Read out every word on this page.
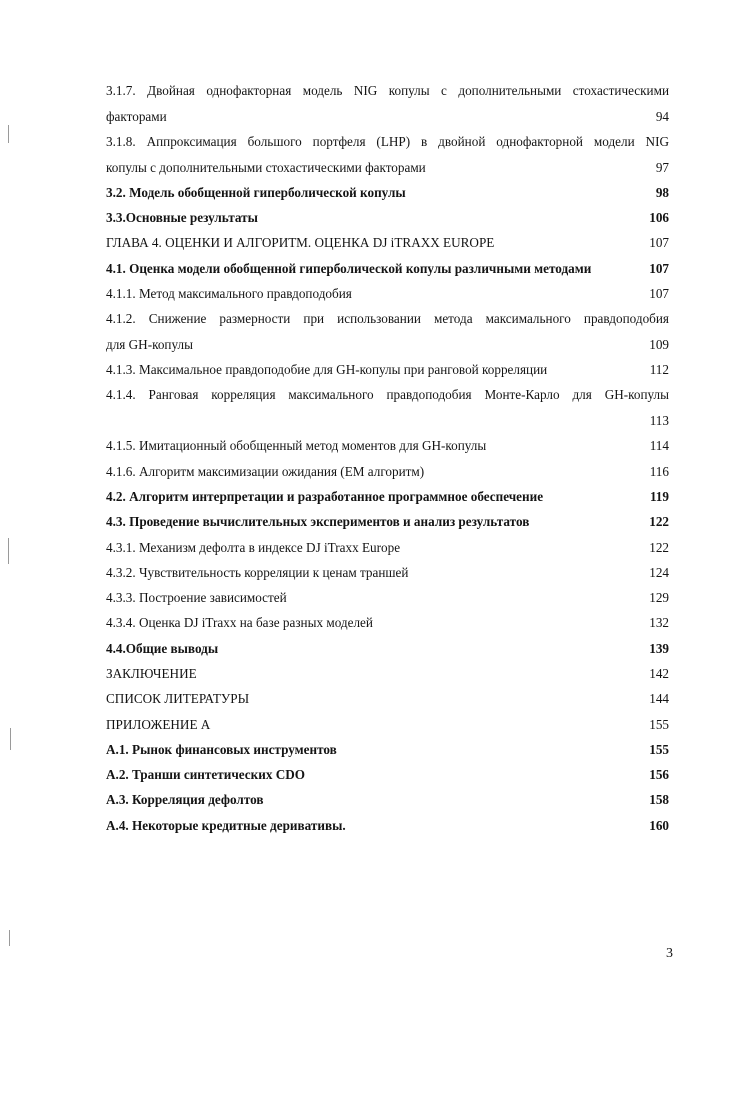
3.1.7. Двойная однофакторная модель NIG копулы с дополнительными стохастическими
факторами	94
3.1.8. Аппроксимация большого портфеля (LHP) в двойной однофакторной модели NIG
копулы с дополнительными стохастическими факторами	97
3.2. Модель обобщенной гиперболической копулы	98
3.3.Основные результаты	106
ГЛАВА 4. ОЦЕНКИ И АЛГОРИТМ. ОЦЕНКА DJ iTRAXX EUROPE	107
4.1. Оценка модели обобщенной гиперболической копулы различными методами	107
4.1.1. Метод максимального правдоподобия	107
4.1.2. Снижение размерности при использовании метода максимального правдоподобия
для GH-копулы	109
4.1.3. Максимальное правдоподобие для GH-копулы при ранговой корреляции	112
4.1.4. Ранговая корреляция максимального правдоподобия Монте-Карло для GH-копулы
113
4.1.5. Имитационный обобщенный метод моментов для GH-копулы	114
4.1.6. Алгоритм максимизации ожидания (EM алгоритм)	116
4.2. Алгоритм интерпретации и разработанное программное обеспечение	119
4.3. Проведение вычислительных экспериментов и анализ результатов	122
4.3.1. Механизм дефолта в индексе DJ iTraxx Europe	122
4.3.2. Чувствительность корреляции к ценам траншей	124
4.3.3. Построение зависимостей	129
4.3.4. Оценка DJ iTraxx на базе разных моделей	132
4.4.Общие выводы	139
ЗАКЛЮЧЕНИЕ	142
СПИСОК ЛИТЕРАТУРЫ	144
ПРИЛОЖЕНИЕ А	155
А.1. Рынок финансовых инструментов	155
А.2. Транши синтетических CDO	156
А.3. Корреляция дефолтов	158
А.4. Некоторые кредитные деривативы.	160
3
